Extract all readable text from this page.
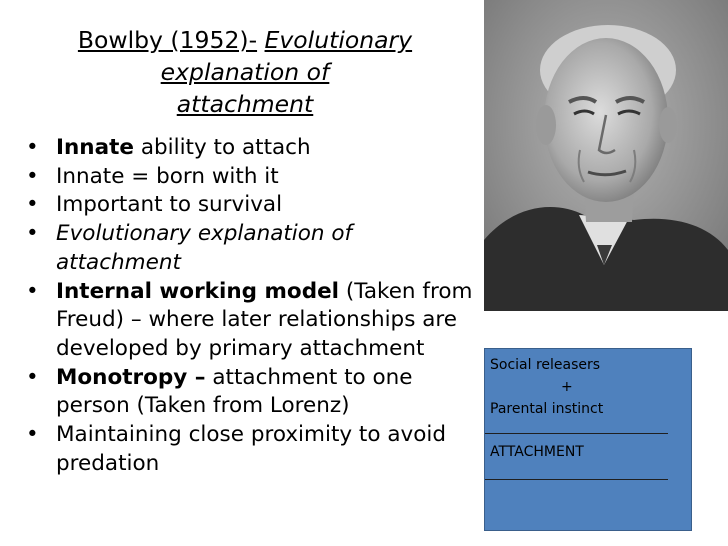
Bowlby (1952)- Evolutionary
explanation of
attachment
• Innate ability to attach
• Innate = born with it
• Important to survival
• Evolutionary explanation of
attachment
• Internal working model (Taken from
Freud) – where later relationships are
developed by primary attachment
• Monotropy – attachment to one
person (Taken from Lorenz)
• Maintaining close proximity to avoid
predation
Social releasers
+
Parental instinct
ATTACHMENT
